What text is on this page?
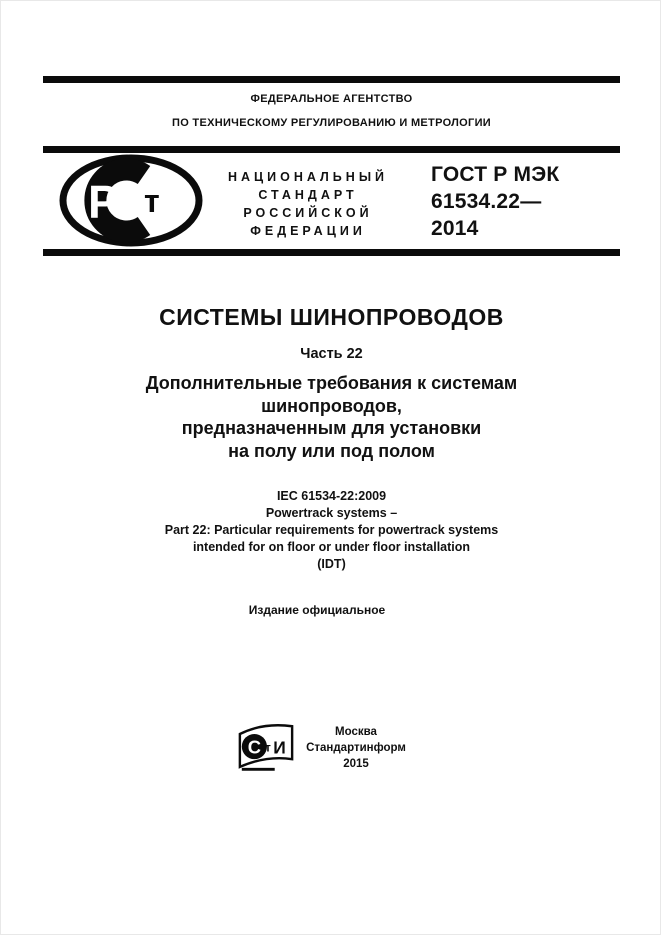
ФЕДЕРАЛЬНОЕ АГЕНТСТВО
ПО ТЕХНИЧЕСКОМУ РЕГУЛИРОВАНИЮ И МЕТРОЛОГИИ
Р т
НАЦИОНАЛЬНЫЙ
СТАНДАРТ
РОССИЙСКОЙ
ФЕДЕРАЦИИ
ГОСТ Р МЭК
61534.22—
2014
СИСТЕМЫ ШИНОПРОВОДОВ
Часть 22
Дополнительные требования к системам
шинопроводов,
предназначенным для установки
на полу или под полом
IEC 61534-22:2009
Powertrack systems –
Part 22: Particular requirements for powertrack systems
intended for on floor or under floor installation
(IDT)
Издание официальное
С т И
Москва
Стандартинформ
2015
